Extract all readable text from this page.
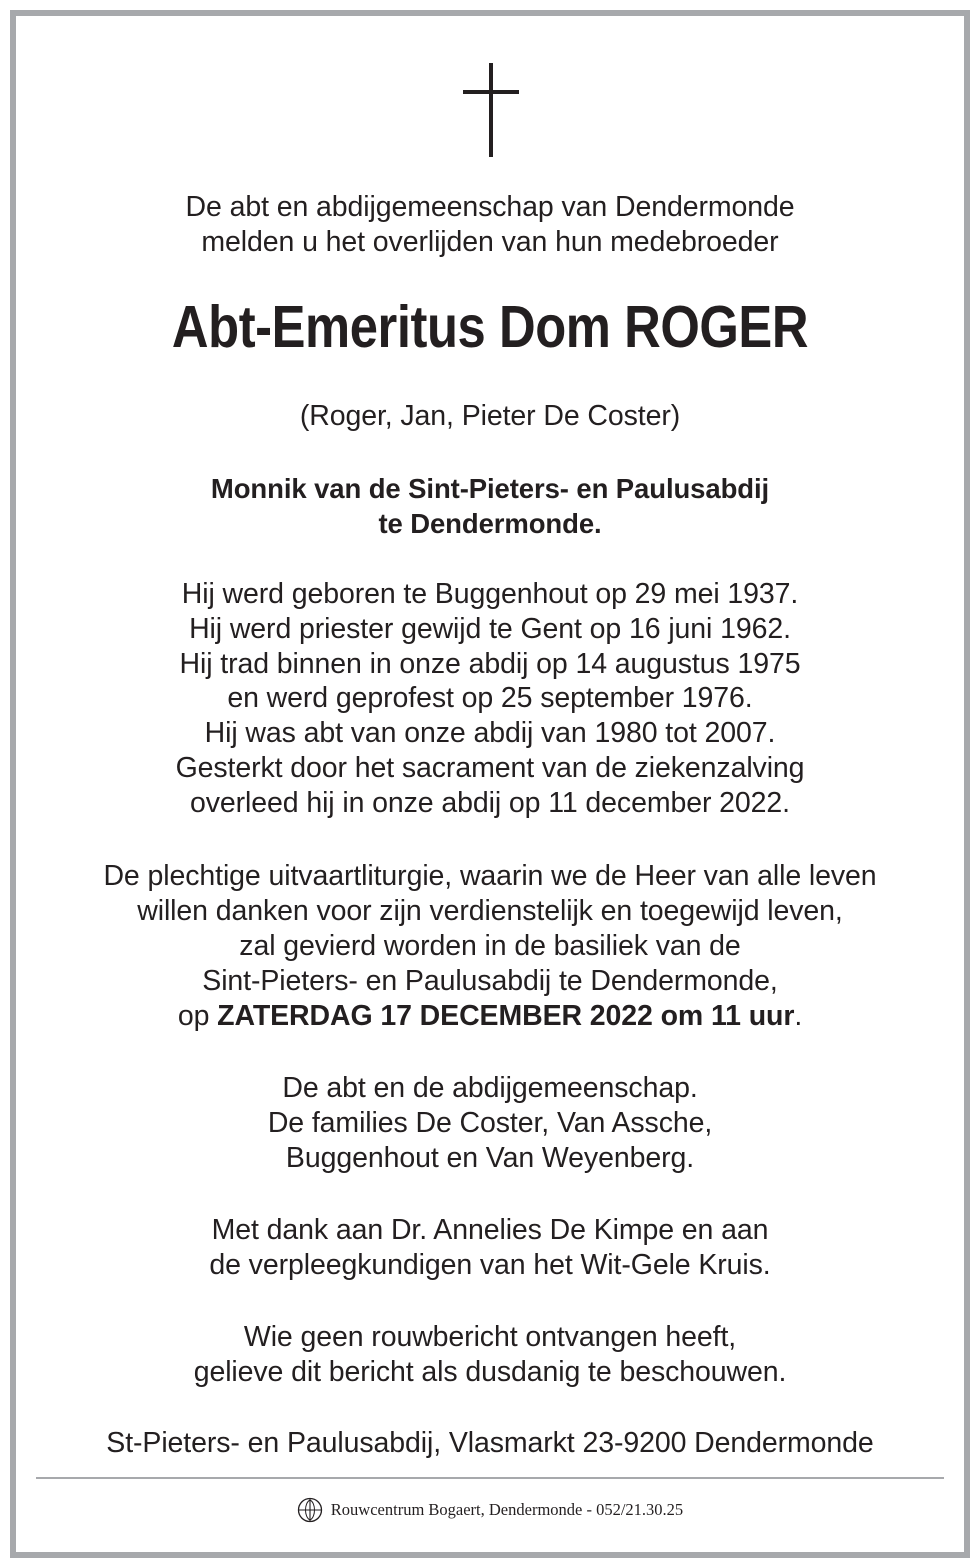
De abt en abdijgemeenschap van Dendermonde
melden u het overlijden van hun medebroeder
Abt-Emeritus Dom ROGER
(Roger, Jan, Pieter De Coster)
Monnik van de Sint-Pieters- en Paulusabdij
te Dendermonde.
Hij werd geboren te Buggenhout op 29 mei 1937.
Hij werd priester gewijd te Gent op 16 juni 1962.
Hij trad binnen in onze abdij op 14 augustus 1975
en werd geprofest op 25 september 1976.
Hij was abt van onze abdij van 1980 tot 2007.
Gesterkt door het sacrament van de ziekenzalving
overleed hij in onze abdij op 11 december 2022.
De plechtige uitvaartliturgie, waarin we de Heer van alle leven
willen danken voor zijn verdienstelijk en toegewijd leven,
zal gevierd worden in de basiliek van de
Sint-Pieters- en Paulusabdij te Dendermonde,
op ZATERDAG 17 DECEMBER 2022 om 11 uur.
De abt en de abdijgemeenschap.
De families De Coster, Van Assche,
Buggenhout en Van Weyenberg.
Met dank aan Dr. Annelies De Kimpe en aan
de verpleegkundigen van het Wit-Gele Kruis.
Wie geen rouwbericht ontvangen heeft,
gelieve dit bericht als dusdanig te beschouwen.
St-Pieters- en Paulusabdij, Vlasmarkt 23-9200 Dendermonde
Rouwcentrum Bogaert, Dendermonde - 052/21.30.25
